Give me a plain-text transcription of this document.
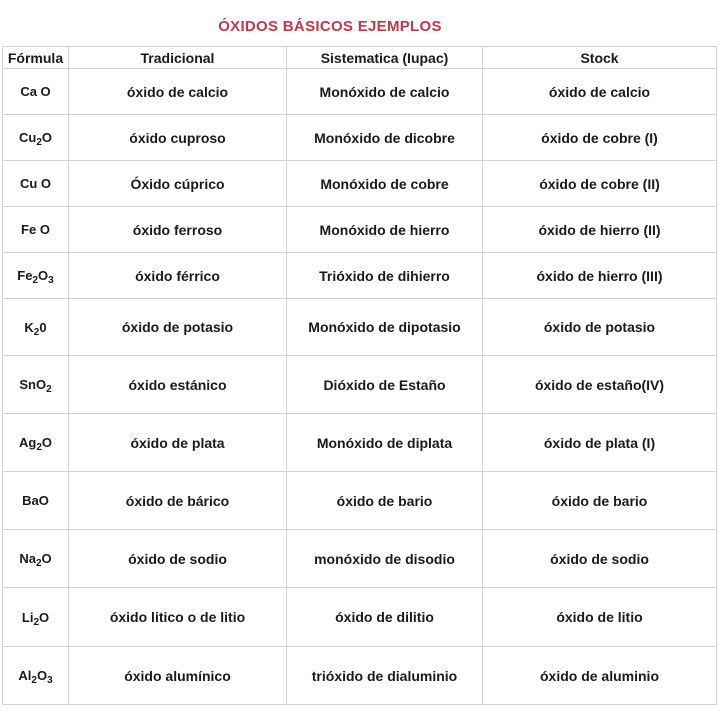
ÓXIDOS BÁSICOS EJEMPLOS
Fórmula	Tradicional	Sistematica (Iupac)	Stock
Ca O	óxido de calcio	Monóxido de calcio	óxido de calcio
$Cu_2O$	óxido cuproso	Monóxido de dicobre	óxido de cobre (I)
Cu O	Óxido cúprico	Monóxido de cobre	óxido de cobre (II)
Fe O	óxido ferroso	Monóxido de hierro	óxido de hierro (II)
$Fe_2O_3$	óxido férrico	Trióxido de dihierro	óxido de hierro (III)
$K_20$	óxido de potasio	Monóxido de dipotasio	óxido de potasio
SnO$_2$	óxido estánico	Dióxido de Estaño	óxido de estaño(IV)
$Ag_2O$	óxido de plata	Monóxido de diplata	óxido de plata (I)
BaO	óxido de bárico	óxido de bario	óxido de bario
$Na_2O$	óxido de sodio	monóxido de disodio	óxido de sodio
$Li_2O$	óxido litico o de litio	óxido de dilitio	óxido de litio
$Al_2O_3$	óxido alumínico	trióxido de dialuminio	óxido de aluminio
